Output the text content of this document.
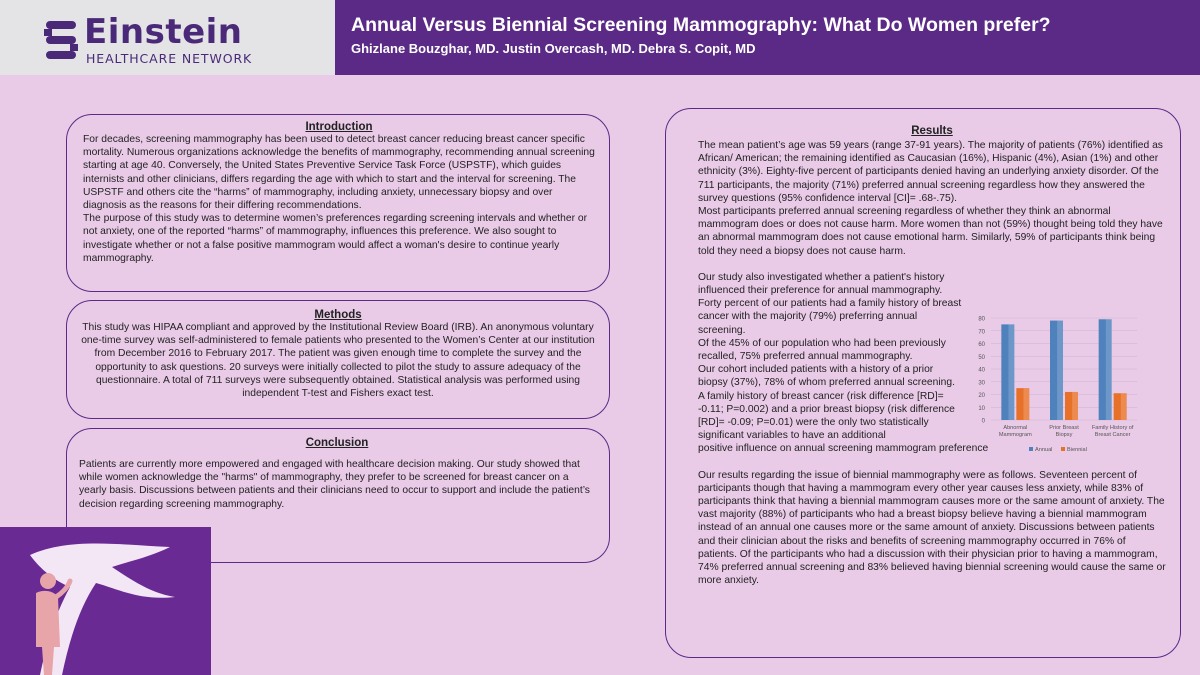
Einstein
HEALTHCARE NETWORK
Annual Versus Biennial Screening Mammography: What Do Women prefer?
Ghizlane Bouzghar, MD. Justin Overcash, MD. Debra S. Copit, MD
Introduction

For decades, screening mammography has been used to detect breast cancer reducing breast cancer specific mortality. Numerous organizations acknowledge the benefits of mammography, recommending annual screening starting at age 40. Conversely, the United States Preventive Service Task Force (USPSTF), which guides internists and other clinicians, differs regarding the age with which to start and the interval for screening. The USPSTF and others cite the “harms” of mammography, including anxiety, unnecessary biopsy and over diagnosis as the reasons for their differing recommendations.

The purpose of this study was to determine women’s preferences regarding screening intervals and whether or not anxiety, one of the reported “harms” of mammography, influences this preference. We also sought to investigate whether or not a false positive mammogram would affect a woman's desire to continue yearly mammography.

Methods

This study was HIPAA compliant and approved by the Institutional Review Board (IRB). An anonymous voluntary one-time survey was self-administered to female patients who presented to the Women’s Center at our institution from December 2016 to February 2017. The patient was given enough time to complete the survey and the opportunity to ask questions. 20 surveys were initially collected to pilot the study to assure adequacy of the questionnaire. A total of 711 surveys were subsequently obtained. Statistical analysis was performed using independent T-test and Fishers exact test.

Conclusion

Patients are currently more empowered and engaged with healthcare decision making. Our study showed that while women acknowledge the "harms" of mammography, they prefer to be screened for breast cancer on a yearly basis. Discussions between patients and their clinicians need to occur to support and include the patient’s decision regarding screening mammography.

Results

The mean patient’s age was 59 years (range 37-91 years). The majority of patients (76%) identified as African/ American; the remaining identified as Caucasian (16%), Hispanic (4%), Asian (1%) and other ethnicity (3%). Eighty-five percent of participants denied having an underlying anxiety disorder. Of the 711 participants, the majority (71%) preferred annual screening regardless how they answered the survey questions (95% confidence interval [CI]= .68-.75).

Most participants preferred annual screening regardless of whether they think an abnormal mammogram does or does not cause harm. More women than not (59%) thought being told they have an abnormal mammogram does not cause emotional harm. Similarly, 59% of participants think being told they need a biopsy does not cause harm.

Our study also investigated whether a patient's history influenced their preference for annual mammography. Forty percent of our patients had a family history of breast cancer with the majority (79%) preferring annual screening.

Of the 45% of our population who had been previously recalled, 75% preferred annual mammography.

Our cohort included patients with a history of a prior biopsy (37%), 78% of whom preferred annual screening.

A family history of breast cancer (risk difference [RD]= -0.11; P=0.002) and a prior breast biopsy (risk difference [RD]= -0.09; P=0.01) were the only two statistically significant variables to have an additional

positive influence on annual screening mammogram preference

Our results regarding the issue of biennial mammography were as follows. Seventeen percent of participants though that having a mammogram every other year causes less anxiety, while 83% of participants think that having a biennial mammogram causes more or the same amount of anxiety. The vast majority (88%) of participants who had a breast biopsy believe having a biennial mammogram instead of an annual one causes more or the same amount of anxiety. Discussions between patients and their clinician about the risks and benefits of screening mammography occurred in 76% of patients. Of the participants who had a discussion with their physician prior to having a mammogram, 74% preferred annual screening and 83% believed having biennial screening would cause the same or more anxiety.

0
10
20
30
40
50
60
70
80
Abnormal
Mammogram
Prior Breast
Biopsy
Family History of
Breast Cancer
Annual	Biennial
